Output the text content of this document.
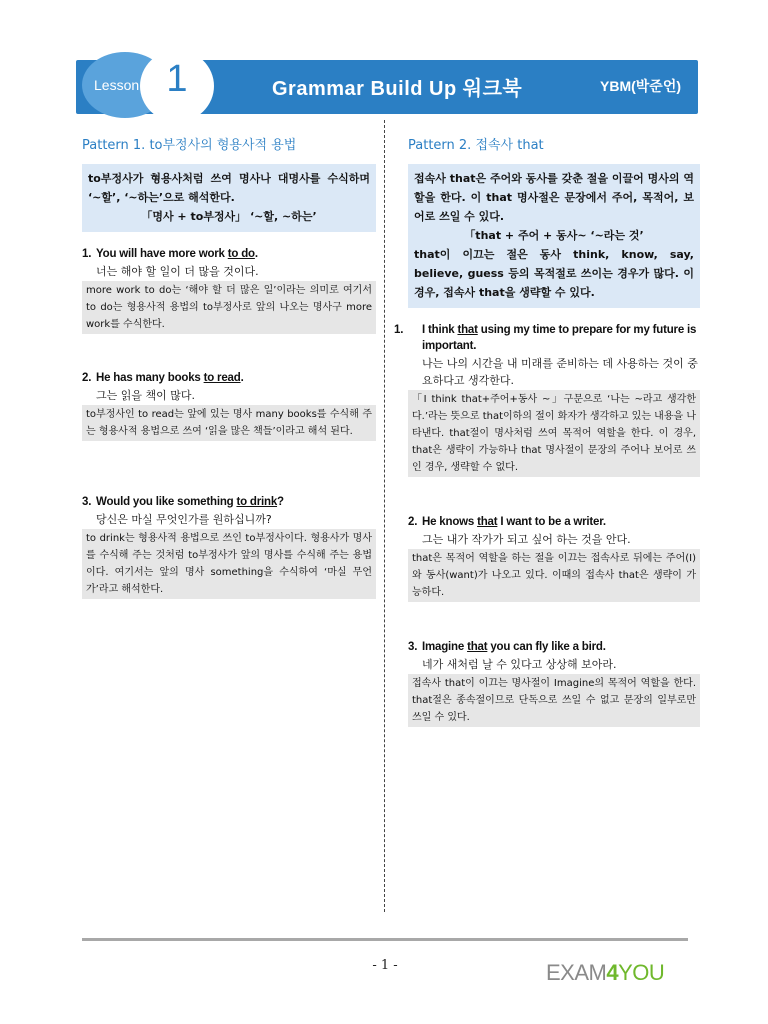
Lesson 1	Grammar Build Up 워크북	YBM(박준언)
Pattern 1. to부정사의 형용사적 용법
to부정사가 형용사처럼 쓰여 명사나 대명사를 수식하며 ‘~할’, ‘~하는’으로 해석한다.
「명사 + to부정사」 ‘~할, ~하는’
1. You will have more work to do.
너는 해야 할 일이 더 많을 것이다.
more work to do는 ‘해야 할 더 많은 일’이라는 의미로 여기서 to do는 형용사적 용법의 to부정사로 앞의 나오는 명사구 more work를 수식한다.
2. He has many books to read.
그는 읽을 책이 많다.
to부정사인 to read는 앞에 있는 명사 many books를 수식해 주는 형용사적 용법으로 쓰여 ‘읽을 많은 책들’이라고 해석 된다.
3. Would you like something to drink?
당신은 마실 무엇인가를 원하십니까?
to drink는 형용사적 용법으로 쓰인 to부정사이다. 형용사가 명사를 수식해 주는 것처럼 to부정사가 앞의 명사를 수식해 주는 용법이다. 여기서는 앞의 명사 something을 수식하여 ‘마실 무언가’라고 해석한다.
Pattern 2. 접속사 that
접속사 that은 주어와 동사를 갖춘 절을 이끌어 명사의 역할을 한다. 이 that 명사절은 문장에서 주어, 목적어, 보어로 쓰일 수 있다.
「that + 주어 + 동사~ ‘~라는 것’
that이 이끄는 절은 동사 think, know, say, believe, guess 등의 목적절로 쓰이는 경우가 많다. 이 경우, 접속사 that을 생략할 수 있다.
1. I think that using my time to prepare for my future is important.
나는 나의 시간을 내 미래를 준비하는 데 사용하는 것이 중요하다고 생각한다.
「I think that+주어+동사 ~」구문으로 ‘나는 ~라고 생각한다.’라는 뜻으로 that이하의 절이 화자가 생각하고 있는 내용을 나타낸다. that절이 명사처럼 쓰여 목적어 역할을 한다. 이 경우, that은 생략이 가능하나 that 명사절이 문장의 주어나 보어로 쓰인 경우, 생략할 수 없다.
2. He knows that I want to be a writer.
그는 내가 작가가 되고 싶어 하는 것을 안다.
that은 목적어 역할을 하는 절을 이끄는 접속사로 뒤에는 주어(I)와 동사(want)가 나오고 있다. 이때의 접속사 that은 생략이 가능하다.
3. Imagine that you can fly like a bird.
네가 새처럼 날 수 있다고 상상해 보아라.
접속사 that이 이끄는 명사절이 Imagine의 목적어 역할을 한다. that절은 종속절이므로 단독으로 쓰일 수 없고 문장의 일부로만 쓰일 수 있다.
- 1 -	EXAM4YOU
